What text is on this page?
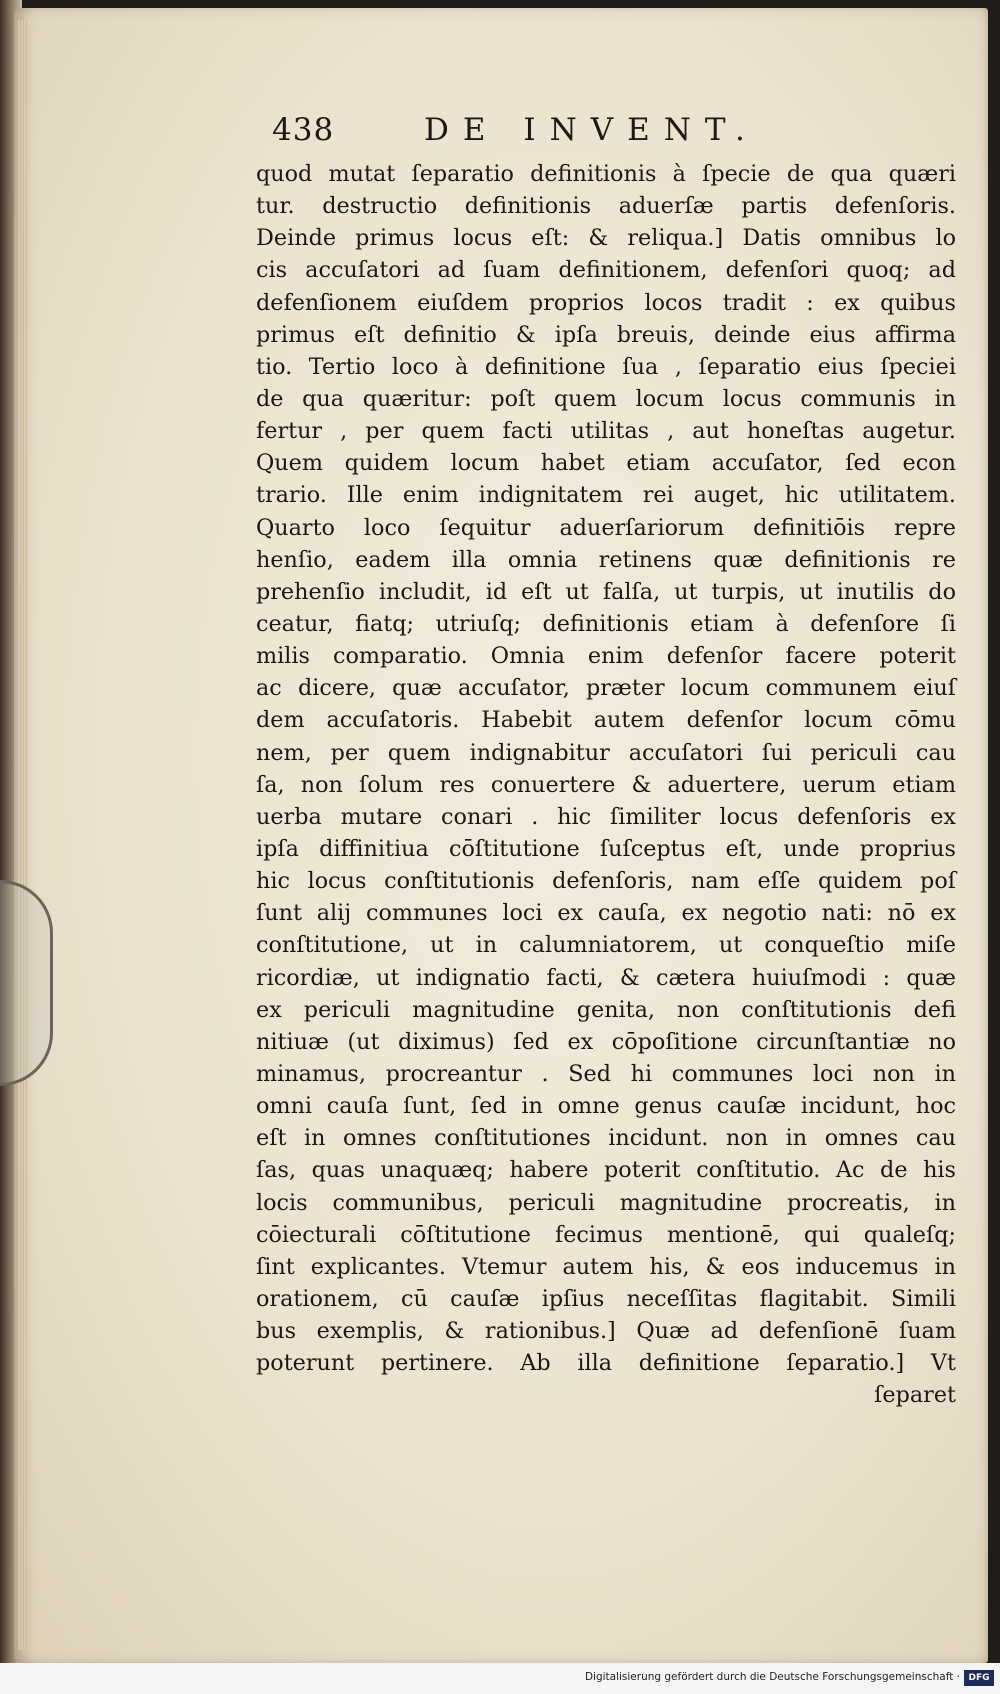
438	DE INVENT.
quod mutat ſeparatio definitionis à ſpecie de qua quæri
tur. destructio definitionis aduerſæ partis defenſoris.
Deinde primus locus eſt: & reliqua.] Datis omnibus lo
cis accuſatori ad ſuam definitionem, defenſori quoq; ad
defenſionem eiuſdem proprios locos tradit : ex quibus
primus eſt definitio & ipſa breuis, deinde eius affirma
tio. Tertio loco à definitione ſua , ſeparatio eius ſpeciei
de qua quæritur: poſt quem locum locus communis in
fertur , per quem facti utilitas , aut honeſtas augetur.
Quem quidem locum habet etiam accuſator, ſed econ
trario. Ille enim indignitatem rei auget, hic utilitatem.
Quarto loco ſequitur aduerſariorum definitiōis repre
henſio, eadem illa omnia retinens quæ definitionis re
prehenſio includit, id eſt ut falſa, ut turpis, ut inutilis do
ceatur, fiatq; utriuſq; definitionis etiam à defenſore ſi
milis comparatio. Omnia enim defenſor facere poterit
ac dicere, quæ accuſator, præter locum communem eiuſ
dem accuſatoris. Habebit autem defenſor locum cōmu
nem, per quem indignabitur accuſatori ſui periculi cau
ſa, non ſolum res conuertere & aduertere, uerum etiam
uerba mutare conari . hic ſimiliter locus defenſoris ex
ipſa diffinitiua cōſtitutione ſuſceptus eſt, unde proprius
hic locus conſtitutionis defenſoris, nam eſſe quidem poſ
ſunt alij communes loci ex cauſa, ex negotio nati: nō ex
conſtitutione, ut in calumniatorem, ut conqueſtio miſe
ricordiæ, ut indignatio facti, & cætera huiuſmodi : quæ
ex periculi magnitudine genita, non conſtitutionis defi
nitiuæ (ut diximus) ſed ex cōpoſitione circunſtantiæ no
minamus, procreantur . Sed hi communes loci non in
omni cauſa ſunt, ſed in omne genus cauſæ incidunt, hoc
eſt in omnes conſtitutiones incidunt. non in omnes cau
ſas, quas unaquæq; habere poterit conſtitutio. Ac de his
locis communibus, periculi magnitudine procreatis, in
cōiecturali cōſtitutione fecimus mentionē, qui qualeſq;
ſint explicantes. Vtemur autem his, & eos inducemus in
orationem, cū cauſæ ipſius neceſſitas flagitabit. Simili
bus exemplis, & rationibus.] Quæ ad defenſionē ſuam
poterunt pertinere. Ab illa definitione ſeparatio.] Vt
ſeparet
Digitalisierung gefördert durch die Deutsche Forschungsgemeinschaft · DFG
